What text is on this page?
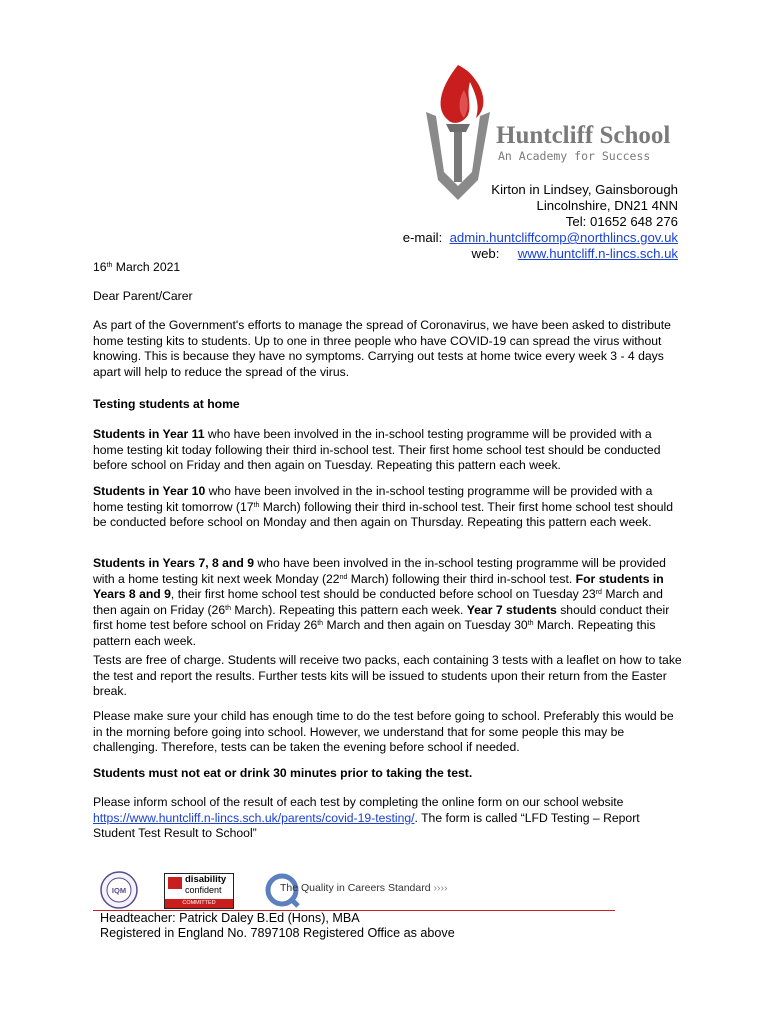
Huntcliff School
An Academy for Success
Kirton in Lindsey, Gainsborough
Lincolnshire, DN21 4NN
Tel: 01652 648 276
e-mail: admin.huntcliffcomp@northlincs.gov.uk
web: www.huntcliff.n-lincs.sch.uk
16th March 2021
Dear Parent/Carer
As part of the Government's efforts to manage the spread of Coronavirus, we have been asked to distribute home testing kits to students. Up to one in three people who have COVID-19 can spread the virus without knowing. This is because they have no symptoms. Carrying out tests at home twice every week 3 - 4 days apart will help to reduce the spread of the virus.
Testing students at home
Students in Year 11 who have been involved in the in-school testing programme will be provided with a home testing kit today following their third in-school test. Their first home school test should be conducted before school on Friday and then again on Tuesday. Repeating this pattern each week.
Students in Year 10 who have been involved in the in-school testing programme will be provided with a home testing kit tomorrow (17th March) following their third in-school test. Their first home school test should be conducted before school on Monday and then again on Thursday. Repeating this pattern each week.
Students in Years 7, 8 and 9 who have been involved in the in-school testing programme will be provided with a home testing kit next week Monday (22nd March) following their third in-school test. For students in Years 8 and 9, their first home school test should be conducted before school on Tuesday 23rd March and then again on Friday (26th March). Repeating this pattern each week. Year 7 students should conduct their first home test before school on Friday 26th March and then again on Tuesday 30th March. Repeating this pattern each week.
Tests are free of charge. Students will receive two packs, each containing 3 tests with a leaflet on how to take the test and report the results. Further tests kits will be issued to students upon their return from the Easter break.
Please make sure your child has enough time to do the test before going to school. Preferably this would be in the morning before going into school. However, we understand that for some people this may be challenging. Therefore, tests can be taken the evening before school if needed.
Students must not eat or drink 30 minutes prior to taking the test.
Please inform school of the result of each test by completing the online form on our school website https://www.huntcliff.n-lincs.sch.uk/parents/covid-19-testing/. The form is called “LFD Testing – Report Student Test Result to School”
IQM
disability
confident
COMMITTED
The Quality in Careers Standard ››››
Headteacher: Patrick Daley B.Ed (Hons), MBA
Registered in England No. 7897108 Registered Office as above
